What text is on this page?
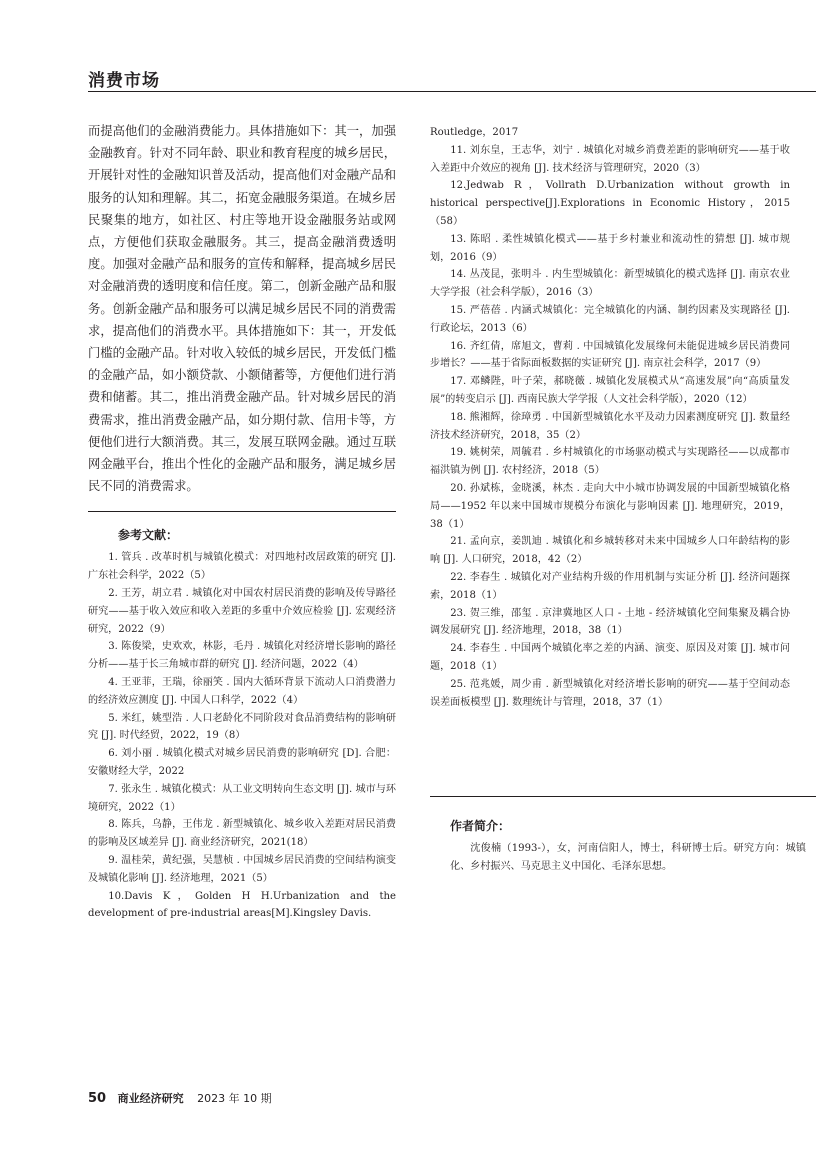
消费市场

而提高他们的金融消费能力。具体措施如下：其一，加强金融教育。针对不同年龄、职业和教育程度的城乡居民，开展针对性的金融知识普及活动，提高他们对金融产品和服务的认知和理解。其二，拓宽金融服务渠道。在城乡居民聚集的地方，如社区、村庄等地开设金融服务站或网点，方便他们获取金融服务。其三，提高金融消费透明度。加强对金融产品和服务的宣传和解释，提高城乡居民对金融消费的透明度和信任度。第二，创新金融产品和服务。创新金融产品和服务可以满足城乡居民不同的消费需求，提高他们的消费水平。具体措施如下：其一，开发低门槛的金融产品。针对收入较低的城乡居民，开发低门槛的金融产品，如小额贷款、小额储蓄等，方便他们进行消费和储蓄。其二，推出消费金融产品。针对城乡居民的消费需求，推出消费金融产品，如分期付款、信用卡等，方便他们进行大额消费。其三，发展互联网金融。通过互联网金融平台，推出个性化的金融产品和服务，满足城乡居民不同的消费需求。

参考文献：
1. 管兵 . 改革时机与城镇化模式：对四地村改居政策的研究 [J]. 广东社会科学，2022（5）
2. 王芳，胡立君 . 城镇化对中国农村居民消费的影响及传导路径研究——基于收入效应和收入差距的多重中介效应检验 [J]. 宏观经济研究，2022（9）
3. 陈俊梁，史欢欢，林影，毛丹 . 城镇化对经济增长影响的路径分析——基于长三角城市群的研究 [J]. 经济问题，2022（4）
4. 王亚菲，王瑞，徐丽笑 . 国内大循环背景下流动人口消费潜力的经济效应测度 [J]. 中国人口科学，2022（4）
5. 米红，姚型浩 . 人口老龄化不同阶段对食品消费结构的影响研究 [J]. 时代经贸，2022，19（8）
6. 刘小丽 . 城镇化模式对城乡居民消费的影响研究 [D]. 合肥：安徽财经大学，2022
7. 张永生 . 城镇化模式：从工业文明转向生态文明 [J]. 城市与环境研究，2022（1）
8. 陈兵，乌静，王伟龙 . 新型城镇化、城乡收入差距对居民消费的影响及区域差异 [J]. 商业经济研究，2021(18）
9. 温桂荣，黄纪强，吴慧桢 . 中国城乡居民消费的空间结构演变及城镇化影响 [J]. 经济地理，2021（5）
10.Davis K，Golden H H.Urbanization and the development of pre-industrial areas[M].Kingsley Davis.

Routledge，2017

11. 刘东皇，王志华，刘宁 . 城镇化对城乡消费差距的影响研究——基于收入差距中介效应的视角 [J]. 技术经济与管理研究，2020（3）
12.Jedwab R，Vollrath D.Urbanization without growth in historical perspective[J].Explorations in Economic History，2015（58）
13. 陈昭 . 柔性城镇化模式——基于乡村兼业和流动性的猜想 [J]. 城市规划，2016（9）
14. 丛茂昆，张明斗 . 内生型城镇化：新型城镇化的模式选择 [J]. 南京农业大学学报（社会科学版），2016（3）
15. 严蓓蓓 . 内涵式城镇化：完全城镇化的内涵、制约因素及实现路径 [J]. 行政论坛，2013（6）
16. 齐红倩，席旭文，曹莉 . 中国城镇化发展缘何未能促进城乡居民消费同步增长？——基于省际面板数据的实证研究 [J]. 南京社会科学，2017（9）
17. 邓鳞陛，叶子荣，郝晓薇 . 城镇化发展模式从“高速发展”向“高质量发展”的转变启示 [J]. 西南民族大学学报（人文社会科学版），2020（12）
18. 熊湘辉，徐璋勇 . 中国新型城镇化水平及动力因素测度研究 [J]. 数量经济技术经济研究，2018，35（2）
19. 姚树荣，周毓君 . 乡村城镇化的市场驱动模式与实现路径——以成都市福洪镇为例 [J]. 农村经济，2018（5）
20. 孙斌栋，金晓溪，林杰 . 走向大中小城市协调发展的中国新型城镇化格局——1952 年以来中国城市规模分布演化与影响因素 [J]. 地理研究，2019，38（1）
21. 孟向京，姜凯迪 . 城镇化和乡城转移对未来中国城乡人口年龄结构的影响 [J]. 人口研究，2018，42（2）
22. 李春生 . 城镇化对产业结构升级的作用机制与实证分析 [J]. 经济问题探索，2018（1）
23. 贺三维，邵玺 . 京津冀地区人口 - 土地 - 经济城镇化空间集聚及耦合协调发展研究 [J]. 经济地理，2018，38（1）
24. 李春生 . 中国两个城镇化率之差的内涵、演变、原因及对策 [J]. 城市问题，2018（1）
25. 范兆媛，周少甫 . 新型城镇化对经济增长影响的研究——基于空间动态误差面板模型 [J]. 数理统计与管理，2018，37（1）
作者简介：

沈俊楠（1993-），女，河南信阳人，博士，科研博士后。研究方向：城镇化、乡村振兴、马克思主义中国化、毛泽东思想。

50 商业经济研究 2023 年 10 期
